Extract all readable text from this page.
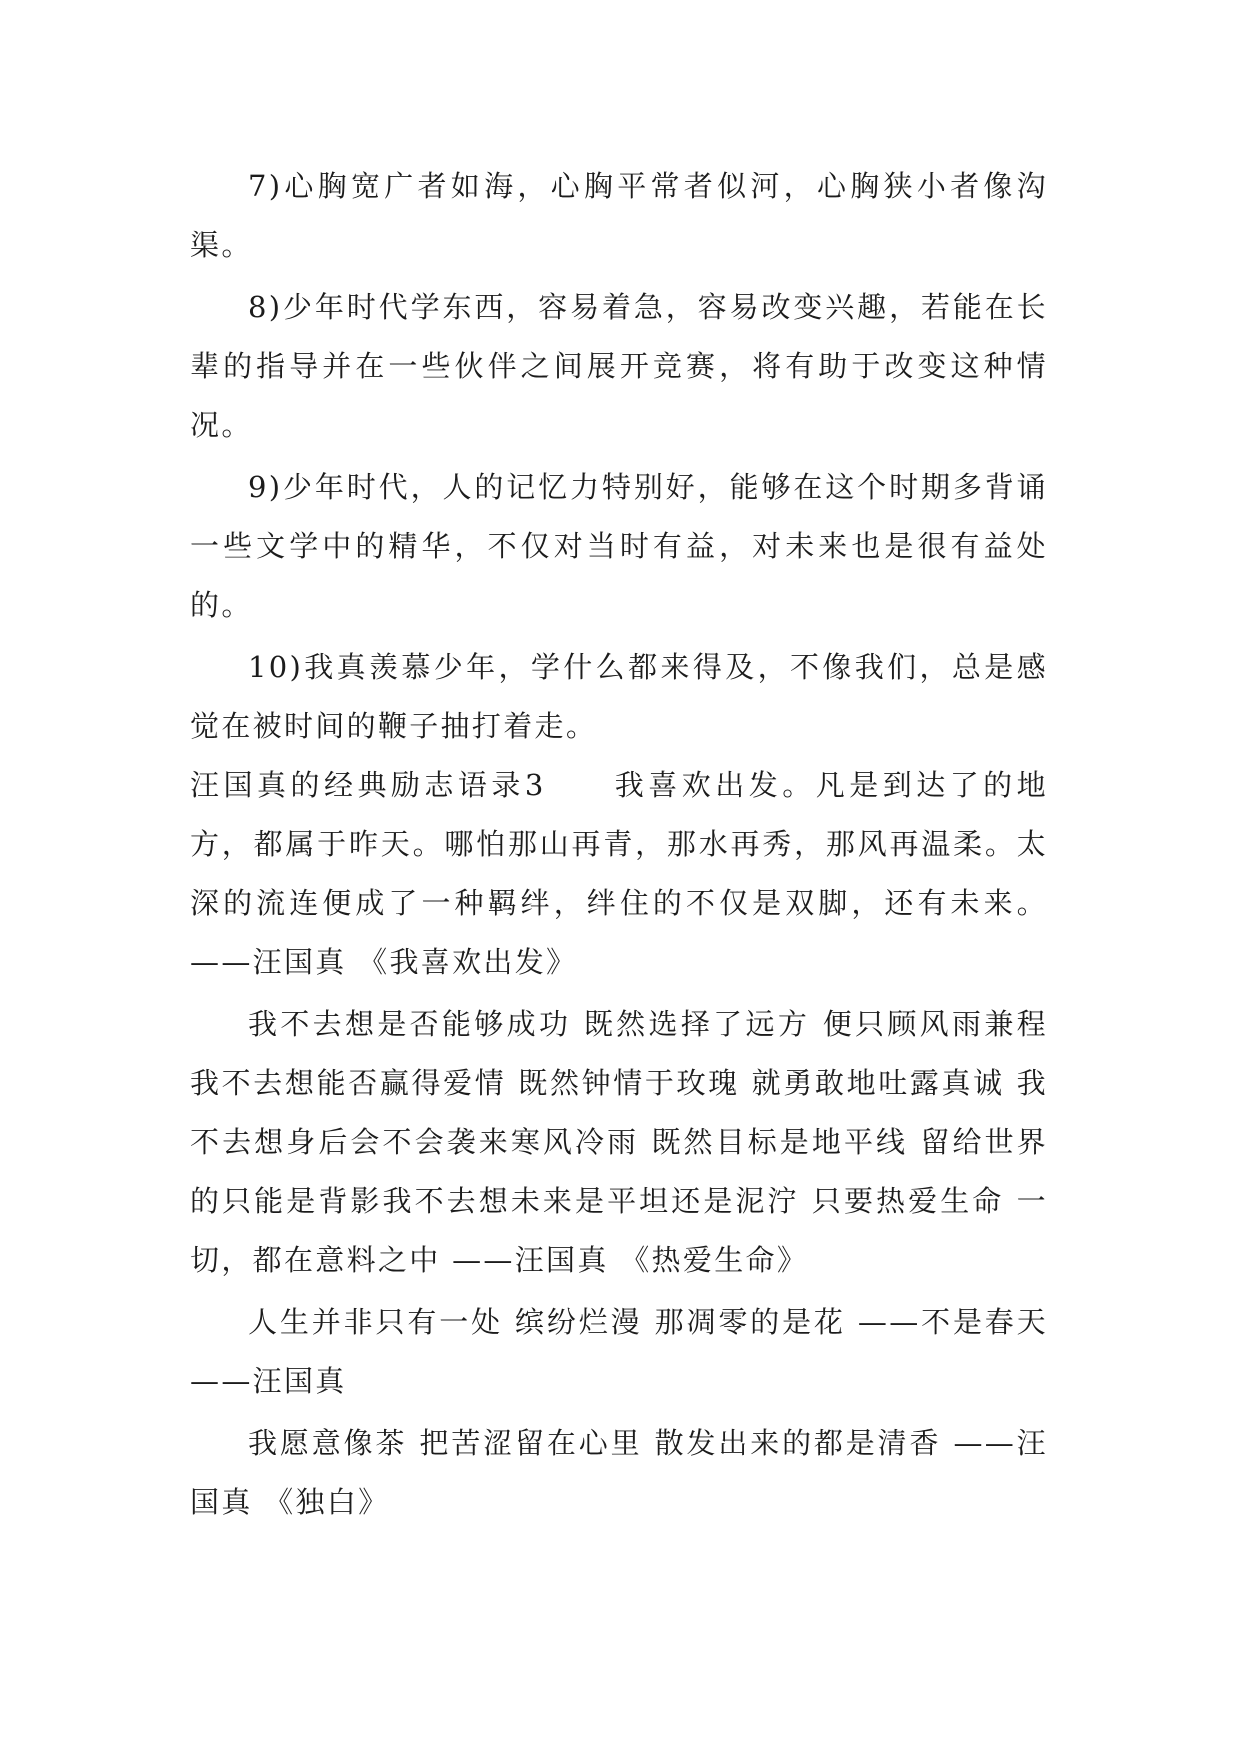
7)心胸宽广者如海，心胸平常者似河，心胸狭小者像沟渠。

8)少年时代学东西，容易着急，容易改变兴趣，若能在长辈的指导并在一些伙伴之间展开竞赛，将有助于改变这种情况。

9)少年时代，人的记忆力特别好，能够在这个时期多背诵一些文学中的精华，不仅对当时有益，对未来也是很有益处的。

10)我真羡慕少年，学什么都来得及，不像我们，总是感觉在被时间的鞭子抽打着走。

汪国真的经典励志语录3　　我喜欢出发。凡是到达了的地方，都属于昨天。哪怕那山再青，那水再秀，那风再温柔。太深的流连便成了一种羁绊，绊住的不仅是双脚，还有未来。——汪国真 《我喜欢出发》

我不去想是否能够成功 既然选择了远方 便只顾风雨兼程 我不去想能否赢得爱情 既然钟情于玫瑰 就勇敢地吐露真诚 我不去想身后会不会袭来寒风冷雨 既然目标是地平线 留给世界的只能是背影我不去想未来是平坦还是泥泞 只要热爱生命 一切，都在意料之中 ——汪国真 《热爱生命》

人生并非只有一处 缤纷烂漫 那凋零的是花 ——不是春天 ——汪国真

我愿意像茶 把苦涩留在心里 散发出来的都是清香 ——汪国真 《独白》
